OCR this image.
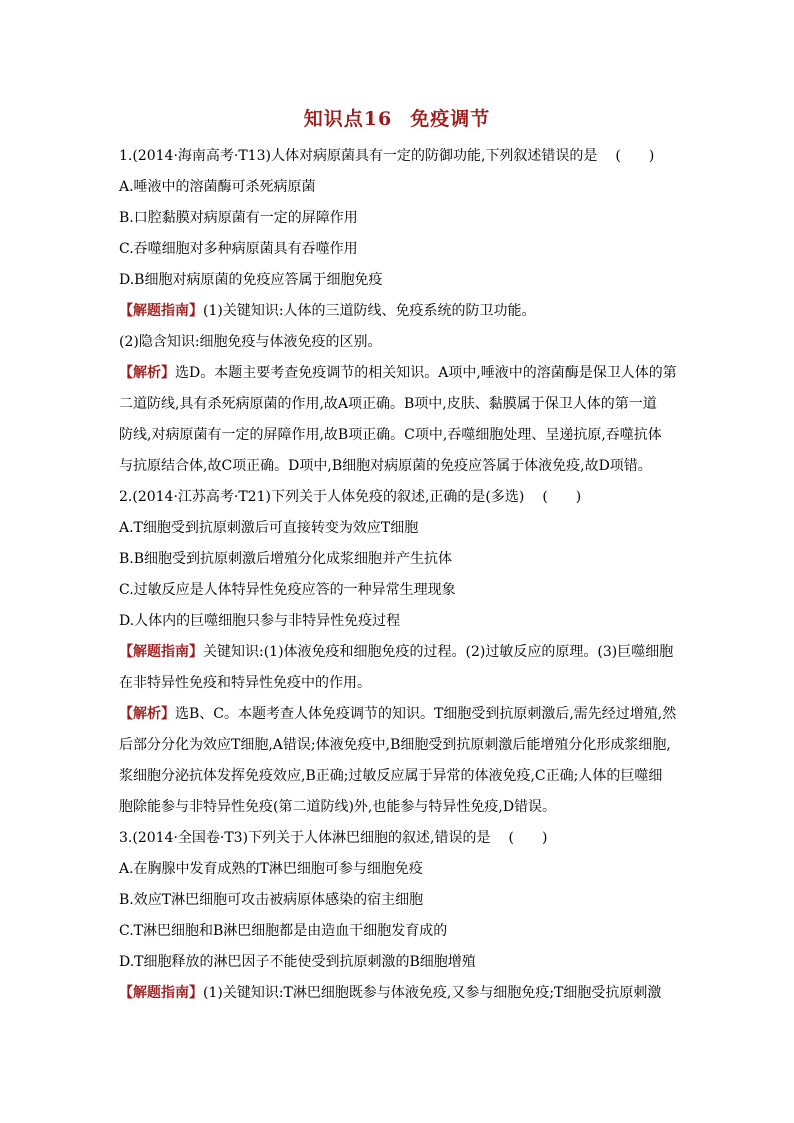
知识点16 免疫调节
1.(2014·海南高考·T13)人体对病原菌具有一定的防御功能,下列叙述错误的是 (　　)
A.唾液中的溶菌酶可杀死病原菌
B.口腔黏膜对病原菌有一定的屏障作用
C.吞噬细胞对多种病原菌具有吞噬作用
D.B细胞对病原菌的免疫应答属于细胞免疫
【解题指南】(1)关键知识:人体的三道防线、免疫系统的防卫功能。
(2)隐含知识:细胞免疫与体液免疫的区别。
【解析】选D。本题主要考查免疫调节的相关知识。A项中,唾液中的溶菌酶是保卫人体的第
二道防线,具有杀死病原菌的作用,故A项正确。B项中,皮肤、黏膜属于保卫人体的第一道
防线,对病原菌有一定的屏障作用,故B项正确。C项中,吞噬细胞处理、呈递抗原,吞噬抗体
与抗原结合体,故C项正确。D项中,B细胞对病原菌的免疫应答属于体液免疫,故D项错。
2.(2014·江苏高考·T21)下列关于人体免疫的叙述,正确的是(多选) (　　)
A.T细胞受到抗原刺激后可直接转变为效应T细胞
B.B细胞受到抗原刺激后增殖分化成浆细胞并产生抗体
C.过敏反应是人体特异性免疫应答的一种异常生理现象
D.人体内的巨噬细胞只参与非特异性免疫过程
【解题指南】关键知识:(1)体液免疫和细胞免疫的过程。(2)过敏反应的原理。(3)巨噬细胞
在非特异性免疫和特异性免疫中的作用。
【解析】选B、C。本题考查人体免疫调节的知识。T细胞受到抗原刺激后,需先经过增殖,然
后部分分化为效应T细胞,A错误;体液免疫中,B细胞受到抗原刺激后能增殖分化形成浆细胞,
浆细胞分泌抗体发挥免疫效应,B正确;过敏反应属于异常的体液免疫,C正确;人体的巨噬细
胞除能参与非特异性免疫(第二道防线)外,也能参与特异性免疫,D错误。
3.(2014·全国卷·T3)下列关于人体淋巴细胞的叙述,错误的是 (　　)
A.在胸腺中发育成熟的T淋巴细胞可参与细胞免疫
B.效应T淋巴细胞可攻击被病原体感染的宿主细胞
C.T淋巴细胞和B淋巴细胞都是由造血干细胞发育成的
D.T细胞释放的淋巴因子不能使受到抗原刺激的B细胞增殖
【解题指南】(1)关键知识:T淋巴细胞既参与体液免疫,又参与细胞免疫;T细胞受抗原刺激
